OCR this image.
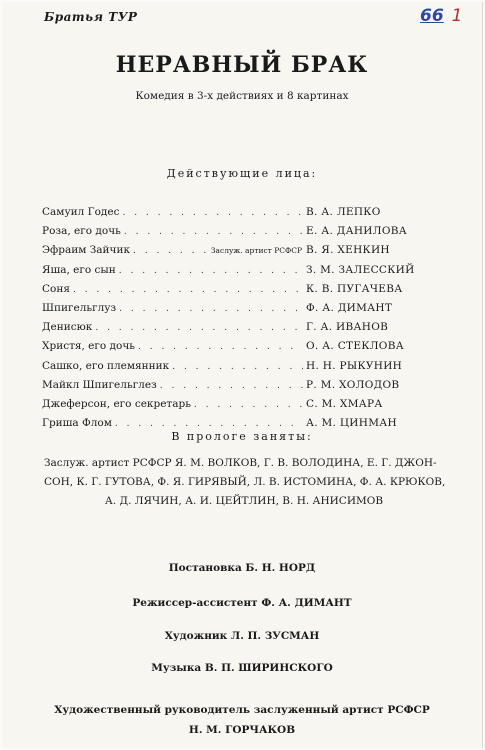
Братья ТУР	66 1
НЕРАВНЫЙ БРАК
Комедия в 3-х действиях и 8 картинах
Действующие лица:
Самуил Годес . . .	В. А. ЛЕПКО
Роза, его дочь . . .	Е. А. ДАНИЛОВА
Эфраим Зайчик . . .	Заслуж. артист РСФСР В. Я. ХЕНКИН
Яша, его сын . . .	З. М. ЗАЛЕССКИЙ
Соня . . .	К. В. ПУГАЧЕВА
Шпигельглуз . . .	Ф. А. ДИМАНТ
Денисюк . . .	Г. А. ИВАНОВ
Христя, его дочь . . .	О. А. СТЕКЛОВА
Сашко, его племянник . . .	Н. Н. РЫКУНИН
Майкл Шпигельглез . . .	Р. М. ХОЛОДОВ
Джеферсон, его секретарь . . .	С. М. ХМАРА
Гриша Флом . . .	А. М. ЦИНМАН
В прологе заняты:
Заслуж. артист РСФСР Я. М. ВОЛКОВ, Г. В. ВОЛОДИНА, Е. Г. ДЖОН-
СОН, К. Г. ГУТОВА, Ф. Я. ГИРЯВЫЙ, Л. В. ИСТОМИНА, Ф. А. КРЮКОВ,
А. Д. ЛЯЧИН, А. И. ЦЕЙТЛИН, В. Н. АНИСИМОВ
Постановка Б. Н. НОРД
Режиссер-ассистент Ф. А. ДИМАНТ
Художник Л. П. ЗУСМАН
Музыка В. П. ШИРИНСКОГО
Художественный руководитель заслуженный артист РСФСР
Н. М. ГОРЧАКОВ
